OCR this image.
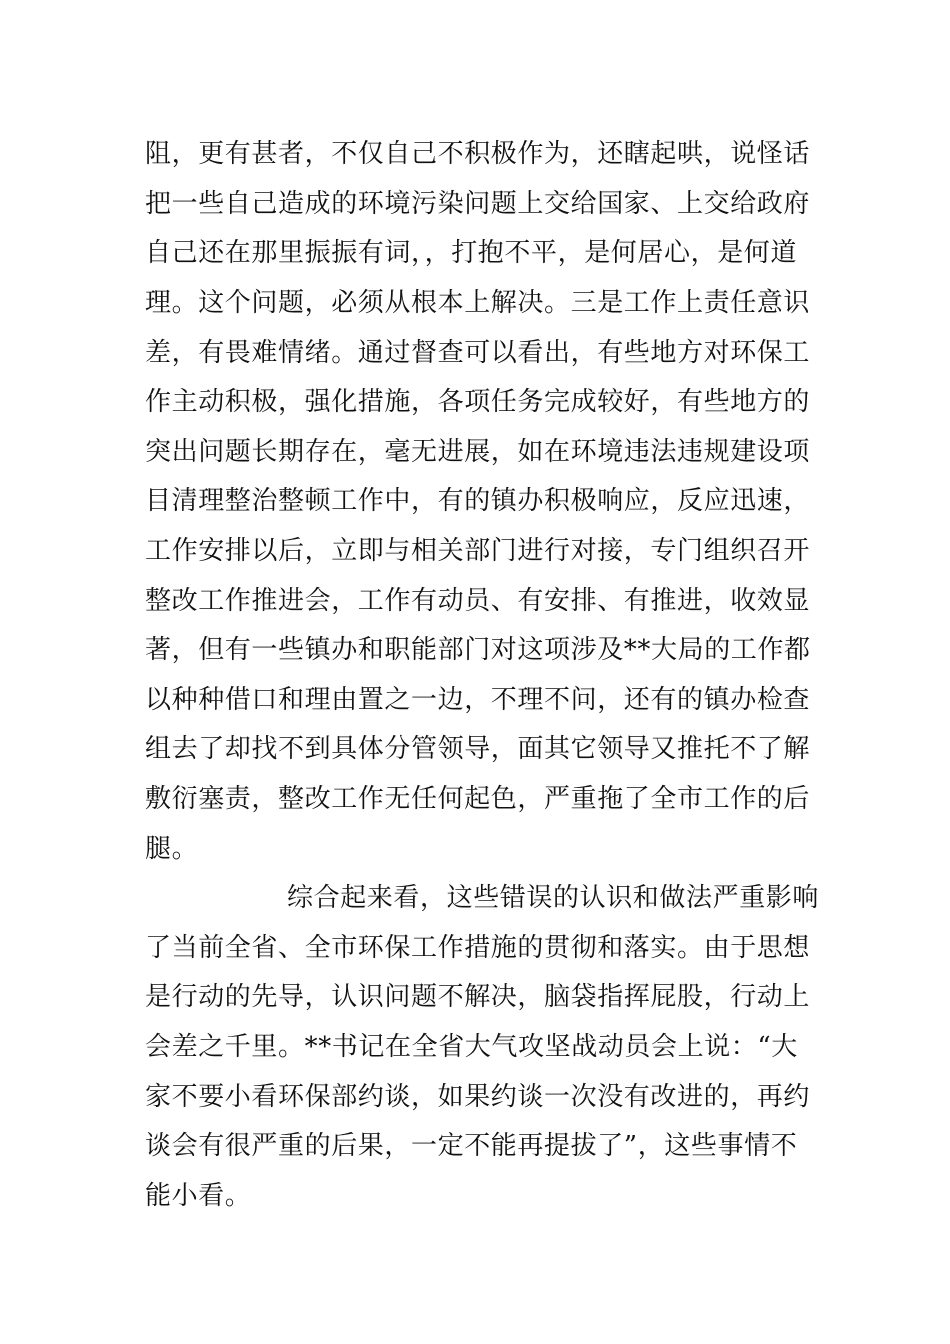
阻，更有甚者，不仅自己不积极作为，还瞎起哄，说怪话
把一些自己造成的环境污染问题上交给国家、上交给政府
自己还在那里振振有词，，打抱不平，是何居心，是何道
理。这个问题，必须从根本上解决。三是工作上责任意识
差，有畏难情绪。通过督查可以看出，有些地方对环保工
作主动积极，强化措施，各项任务完成较好，有些地方的
突出问题长期存在，毫无进展，如在环境违法违规建设项
目清理整治整顿工作中，有的镇办积极响应，反应迅速，
工作安排以后，立即与相关部门进行对接，专门组织召开
整改工作推进会，工作有动员、有安排、有推进，收效显
著，但有一些镇办和职能部门对这项涉及**大局的工作都
以种种借口和理由置之一边，不理不问，还有的镇办检查
组去了却找不到具体分管领导，面其它领导又推托不了解
敷衍塞责，整改工作无任何起色，严重拖了全市工作的后
腿。
综合起来看，这些错误的认识和做法严重影响
了当前全省、全市环保工作措施的贯彻和落实。由于思想
是行动的先导，认识问题不解决，脑袋指挥屁股，行动上
会差之千里。**书记在全省大气攻坚战动员会上说：“大
家不要小看环保部约谈，如果约谈一次没有改进的，再约
谈会有很严重的后果，一定不能再提拔了”，这些事情不
能小看。
